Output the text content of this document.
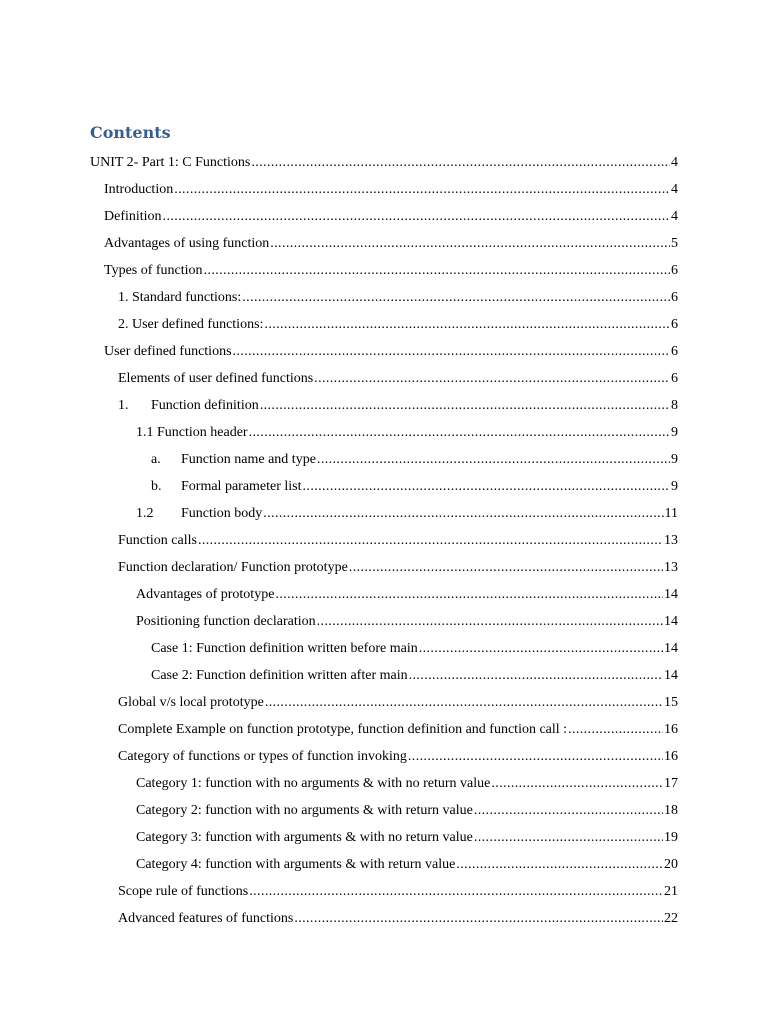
Contents
UNIT 2- Part 1: C Functions .....	4
Introduction .....	4
Definition .....	4
Advantages of using function .....	5
Types of function .....	6
1. Standard functions: .....	6
2. User defined functions: .....	6
User defined functions .....	6
Elements of user defined functions .....	6
1.	Function definition .....	8
1.1 Function header .....	9
a.	Function name and type .....	9
b.	Formal parameter list .....	9
1.2	Function body .....	11
Function calls .....	13
Function declaration/ Function prototype .....	13
Advantages of prototype .....	14
Positioning function declaration .....	14
Case 1: Function definition written before main .....	14
Case 2: Function definition written after main .....	14
Global v/s local prototype .....	15
Complete Example on function prototype, function definition and function call : .....	16
Category of functions or types of function invoking .....	16
Category 1: function with no arguments & with no return value .....	17
Category 2: function with no arguments & with return value .....	18
Category 3: function with arguments & with no return value .....	19
Category 4: function with arguments & with return value .....	20
Scope rule of functions .....	21
Advanced features of functions .....	22
